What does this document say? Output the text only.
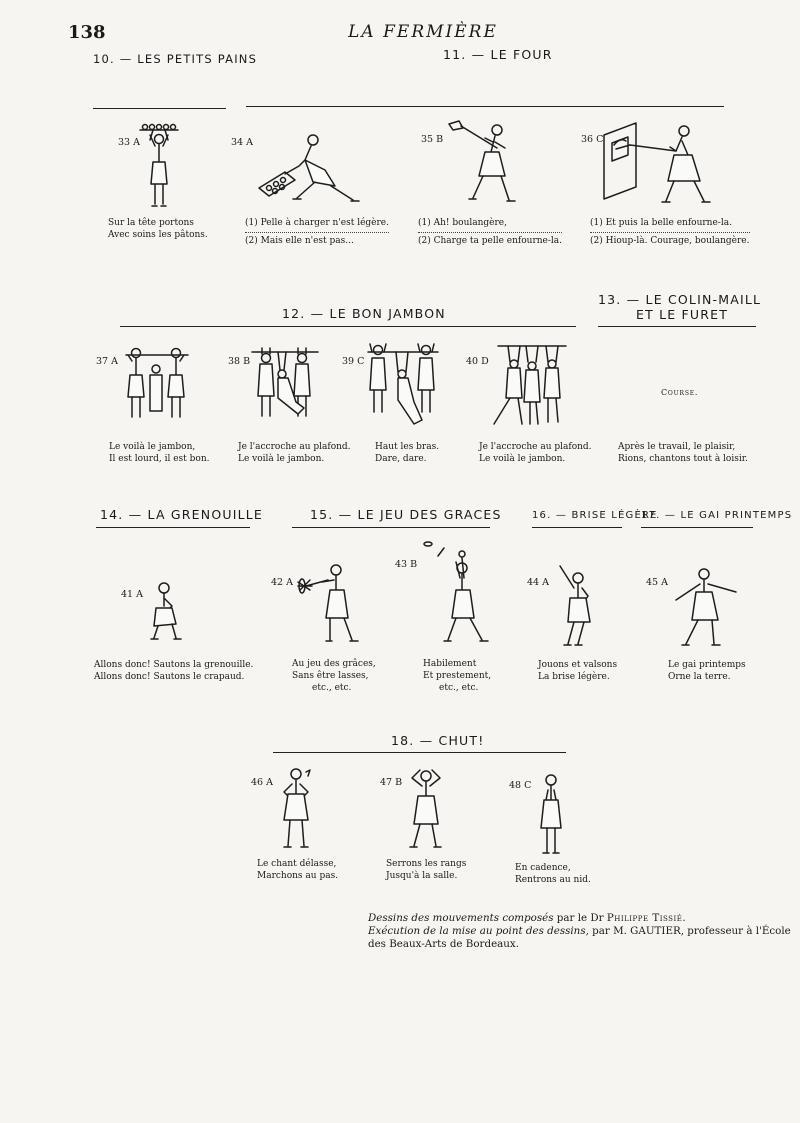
138	LA FERMIÈRE
10. — LES PETITS PAINS	11. — LE FOUR
33 A
Sur la tête portons
Avec soins les pâtons.
34 A
(1) Pelle à charger n'est légère.
(2) Mais elle n'est pas...
35 B
(1) Ah! boulangère,
(2) Charge ta pelle enfourne-la.
36 C
(1) Et puis la belle enfourne-la.
(2) Hioup-là. Courage, boulangère.
12. — LE BON JAMBON
13. — LE COLIN-MAILL
ET LE FURET
37 A
Le voilà le jambon,
Il est lourd, il est bon.
38 B
Je l'accroche au plafond.
Le voilà le jambon.
39 C
Haut les bras.
Dare, dare.
40 D
Je l'accroche au plafond.
Le voilà le jambon.
Course.
Après le travail, le plaisir,
Rions, chantons tout à loisir.
14. — LA GRENOUILLE	15. — LE JEU DES GRACES	16. — BRISE LÉGÈRE
17. — LE GAI PRINTEMPS
41 A
Allons donc! Sautons la grenouille.
Allons donc! Sautons le crapaud.
42 A
Au jeu des grâces,
Sans être lasses,
etc., etc.
43 B
Habilement
Et prestement,
etc., etc.
44 A
Jouons et valsons
La brise légère.
45 A
Le gai printemps
Orne la terre.
18. — CHUT!
46 A
Le chant délasse,
Marchons au pas.
47 B
Serrons les rangs
Jusqu'à la salle.
48 C
En cadence,
Rentrons au nid.
Dessins des mouvements composés par le Dr Philippe Tissié.
Exécution de la mise au point des dessins, par M. GAUTIER, professeur à l'École
des Beaux-Arts de Bordeaux.
